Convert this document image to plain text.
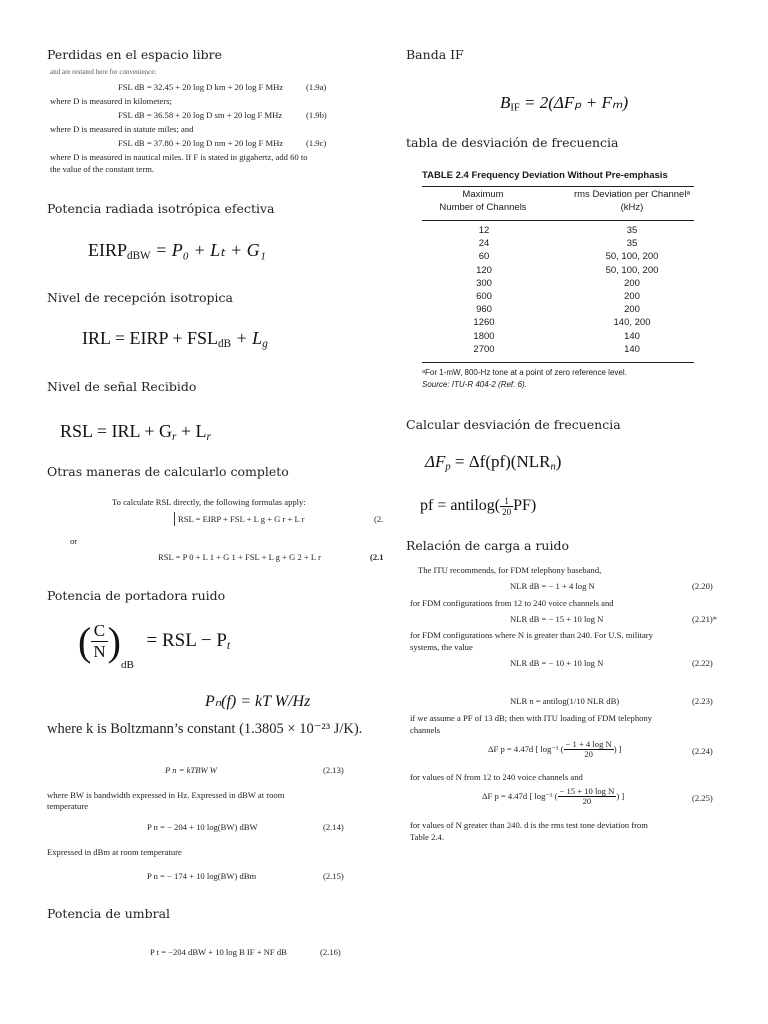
Perdidas en el espacio libre
and are restated here for convenience:
FSL dB = 32.45 + 20 log D km + 20 log F MHz	(1.9a)
where D is measured in kilometers;
FSL dB = 36.58 + 20 log D sm + 20 log F MHz	(1.9b)
where D is measured in statute miles; and
FSL dB = 37.80 + 20 log D nm + 20 log F MHz	(1.9c)
where D is measured in nautical miles. If F is stated in gigahertz, add 60 to
the value of the constant term.
Potencia radiada isotrópica efectiva
$EIRP_{dBW} = P_0 + L_t + G_1$
Nivel de recepción isotropica
IRL = EIRP + $FSL_{dB} + L_g$
Nivel de señal Recibido
RSL = IRL + $G_r + L_r$
Otras maneras de calcularlo completo
To calculate RSL directly, the following formulas apply:
RSL = EIRP + FSL + L g + G r + L r	(2.
or
RSL = P 0 + L 1 + G 1 + FSL + L g + G 2 + L r	(2.1
Potencia de portadora ruido
( $\frac{C}{N} )_{dB}$ = RSL − $P_t$
Pₙ(f) = kT W/Hz
where k is Boltzmann’s constant (1.3805 × 10⁻²³ J/K).
P n = kTBW W	(2.13)
where BW is bandwidth expressed in Hz. Expressed in dBW at room
temperature
P n = − 204 + 10 log(BW) dBW	(2.14)
Expressed in dBm at room temperature
P n = − 174 + 10 log(BW) dBm	(2.15)
Potencia de umbral
P t = −204 dBW + 10 log B IF + NF dB	(2.16)
Banda IF
$B_{IF} = 2(\Delta F_p + F_m)$
tabla de desviación de frecuencia
TABLE 2.4 Frequency Deviation Without Pre-emphasis
Maximum
Number of Channels
rms Deviation per Channelᵃ
(kHz)
12	35
24	35
60	50, 100, 200
120	50, 100, 200
300	200
600	200
960	200
1260	140, 200
1800	140
2700	140
ᵃFor 1-mW, 800-Hz tone at a point of zero reference level.
Source: ITU-R 404-2 (Ref. 6).
Calcular desviación de frecuencia
$\Delta F_p = \Delta f(pf)(NLR_n)$
pf = antilog( $\frac{1}{20} PF$)
Relación de carga a ruido
The ITU recommends, for FDM telephony baseband,
NLR dB = − 1 + 4 log N	(2.20)
for FDM configurations from 12 to 240 voice channels and
NLR dB = − 15 + 10 log N	(2.21)*
for FDM configurations where N is greater than 240. For U.S. military
systems, the value
NLR dB = − 10 + 10 log N	(2.22)
NLR n = antilog(1/10 NLR dB)	(2.23)
if we assume a PF of 13 dB; then with ITU loading of FDM telephony
channels
ΔF p = 4.47d [ log⁻¹ ( $\frac{\text{− 1 + 4 log N}}{20}$ ) ]	(2.24)
for values of N from 12 to 240 voice channels and
ΔF p = 4.47d [ log⁻¹ ( $\frac{\text{− 15 + 10 log N}}{20}$ ) ]	(2.25)
for values of N greater than 240. d is the rms test tone deviation from
Table 2.4.
